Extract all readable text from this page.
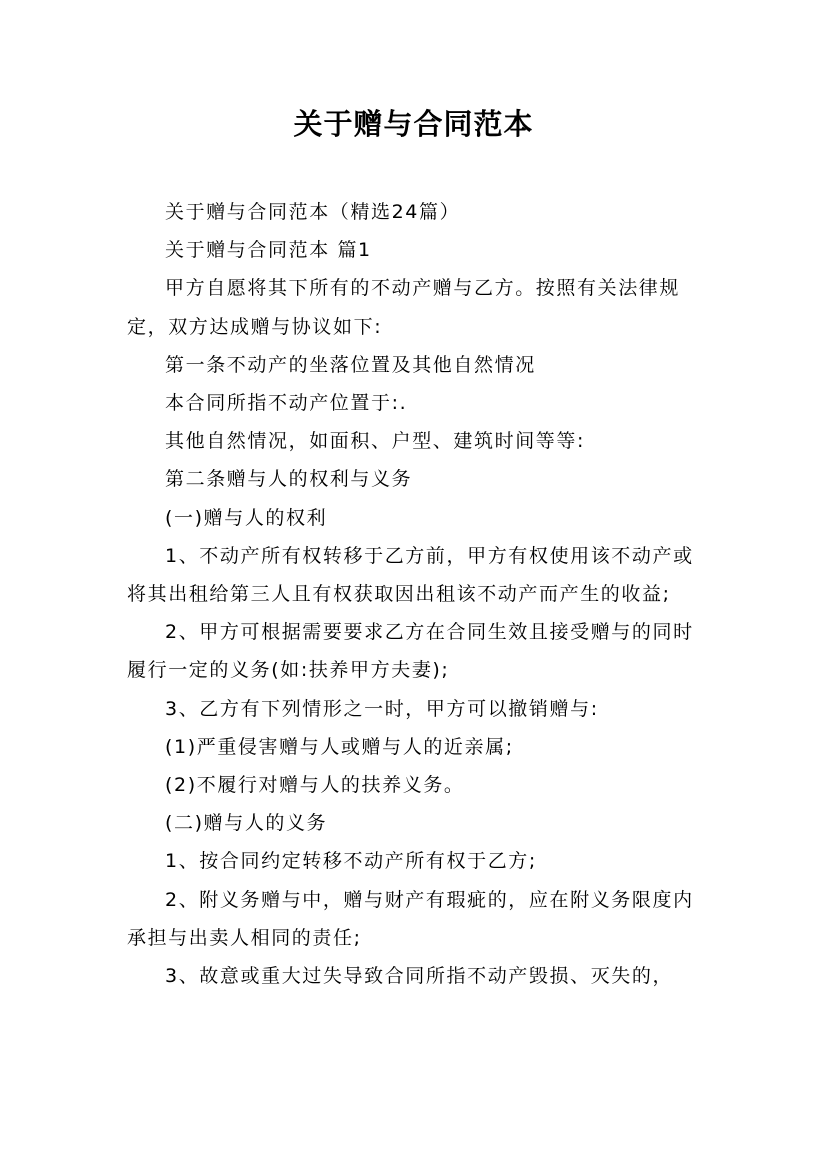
关于赠与合同范本

关于赠与合同范本（精选24篇）

关于赠与合同范本 篇1

甲方自愿将其下所有的不动产赠与乙方。按照有关法律规定，双方达成赠与协议如下:

第一条不动产的坐落位置及其他自然情况

本合同所指不动产位置于:.

其他自然情况，如面积、户型、建筑时间等等:

第二条赠与人的权利与义务

(一)赠与人的权利

1、不动产所有权转移于乙方前，甲方有权使用该不动产或将其出租给第三人且有权获取因出租该不动产而产生的收益;

2、甲方可根据需要要求乙方在合同生效且接受赠与的同时履行一定的义务(如:扶养甲方夫妻);

3、乙方有下列情形之一时，甲方可以撤销赠与:

(1)严重侵害赠与人或赠与人的近亲属;

(2)不履行对赠与人的扶养义务。

(二)赠与人的义务

1、按合同约定转移不动产所有权于乙方;

2、附义务赠与中，赠与财产有瑕疵的，应在附义务限度内承担与出卖人相同的责任;

3、故意或重大过失导致合同所指不动产毁损、灭失的，
